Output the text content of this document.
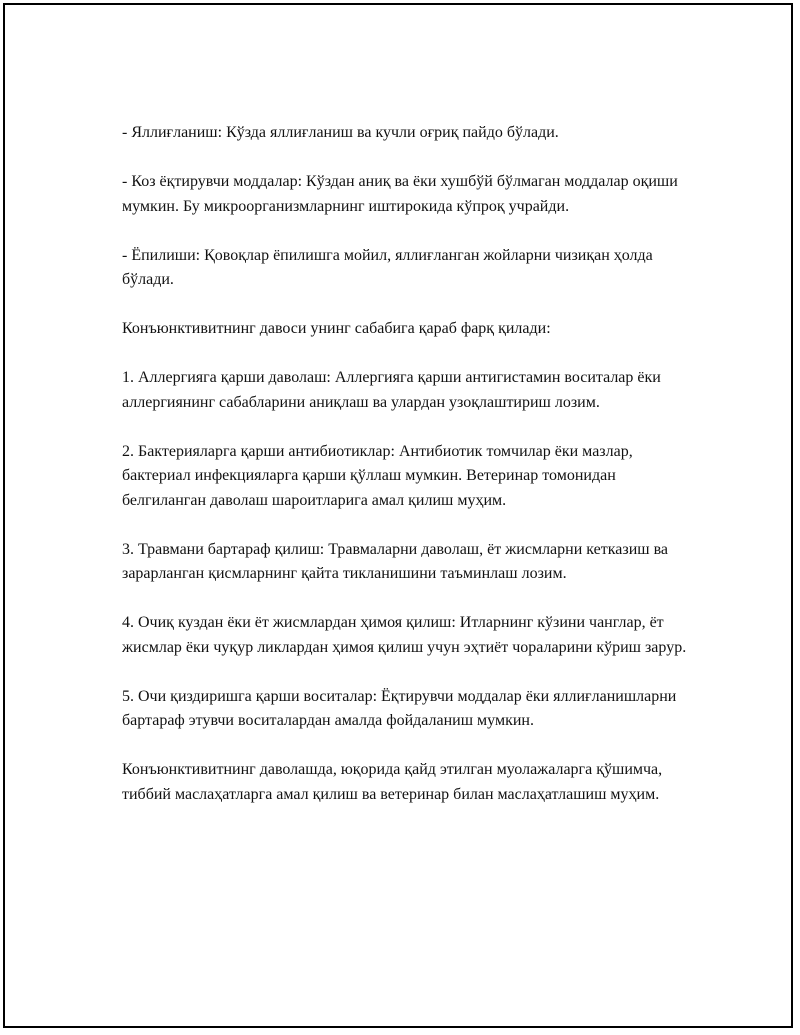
- Яллиғланиш: Кўзда яллиғланиш ва кучли оғриқ пайдо бўлади.

- Коз ёқтирувчи моддалар: Кўздан аниқ ва ёки хушбўй бўлмаган моддалар оқиши мумкин. Бу микроорганизмларнинг иштирокида кўпроқ учрайди.

- Ёпилиши: Қовоқлар ёпилишга мойил, яллиғланган жойларни чизиқан ҳолда бўлади.

Конъюнктивитнинг давоси унинг сабабига қараб фарқ қилади:

1. Аллергияга қарши даволаш: Аллергияга қарши антигистамин воситалар ёки аллергиянинг сабабларини аниқлаш ва улардан узоқлаштириш лозим.

2. Бактерияларга қарши антибиотиклар: Антибиотик томчилар ёки мазлар, бактериал инфекцияларга қарши қўллаш мумкин. Ветеринар томонидан белгиланган даволаш шароитларига амал қилиш муҳим.

3. Травмани бартараф қилиш: Травмаларни даволаш, ёт жисмларни кетказиш ва зарарланган қисмларнинг қайта тикланишини таъминлаш лозим.

4. Очиқ куздан ёки ёт жисмлардан ҳимоя қилиш: Итларнинг кўзини чанглар, ёт жисмлар ёки чуқур ликлардан ҳимоя қилиш учун эҳтиёт чораларини кўриш зарур.

5. Очи қиздиришга қарши воситалар: Ёқтирувчи моддалар ёки яллиғланишларни бартараф этувчи воситалардан амалда фойдаланиш мумкин.

Конъюнктивитнинг даволашда, юқорида қайд этилган муолажаларга қўшимча, тиббий маслаҳатларга амал қилиш ва ветеринар билан маслаҳатлашиш муҳим.
